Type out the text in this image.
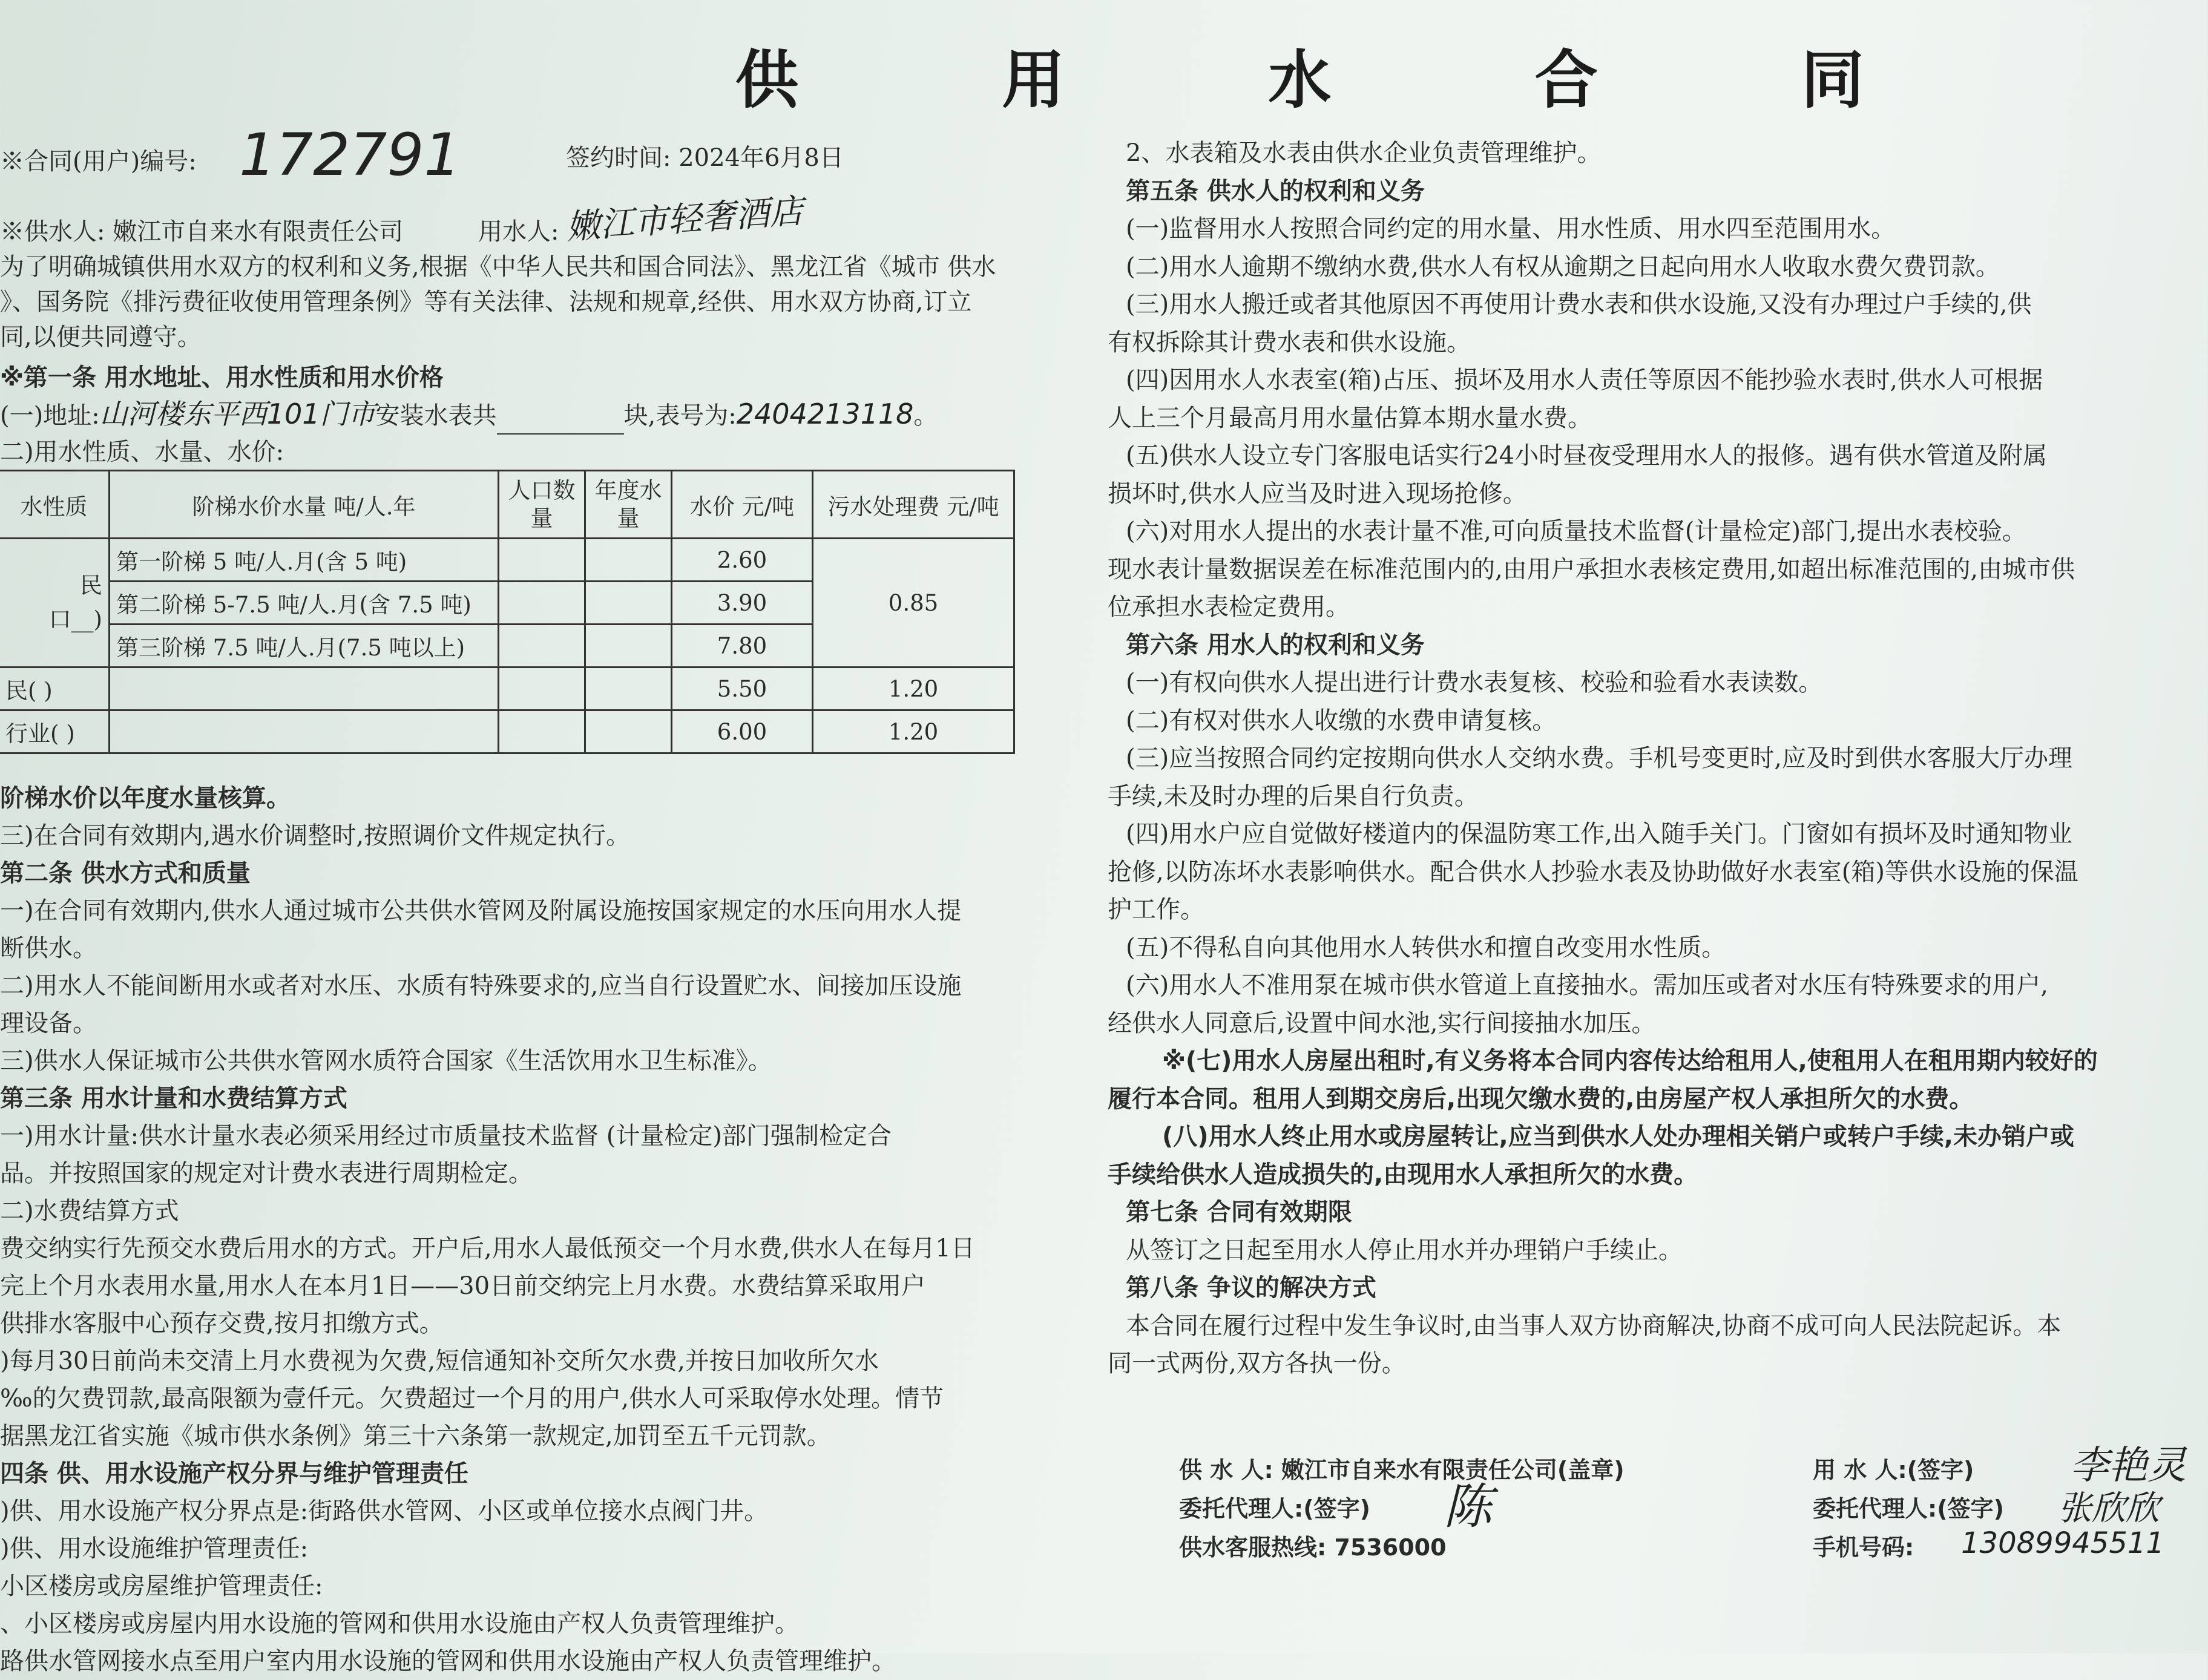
供 用 水 合 同
※合同(用户)编号: 172791	签约时间: 2024年6月8日
※供水人: 嫩江市自来水有限责任公司	用水人: 嫩江市轻奢酒店
为了明确城镇供用水双方的权利和义务,根据《中华人民共和国合同法》、黑龙江省《城市 供水
》、国务院《排污费征收使用管理条例》等有关法律、法规和规章,经供、用水双方协商,订立
同,以便共同遵守。
※第一条 用水地址、用水性质和用水价格
(一)地址:山河楼东平西101门市安装水表共	块,表号为:2404213118。
二)用水性质、水量、水价:
水性质	阶梯水价水量 吨/人.年	人口数量	年度水量	水价 元/吨	污水处理费 元/吨

民
口__)	第一阶梯 5 吨/人.月(含 5 吨)			2.60	0.85
	第二阶梯 5-7.5 吨/人.月(含 7.5 吨)			3.90	
	第三阶梯 7.5 吨/人.月(7.5 吨以上)			7.80	
民( )				5.50	1.20
行业( )				6.00	1.20
阶梯水价以年度水量核算。
三)在合同有效期内,遇水价调整时,按照调价文件规定执行。
第二条 供水方式和质量
一)在合同有效期内,供水人通过城市公共供水管网及附属设施按国家规定的水压向用水人提
断供水。
二)用水人不能间断用水或者对水压、水质有特殊要求的,应当自行设置贮水、间接加压设施
理设备。
三)供水人保证城市公共供水管网水质符合国家《生活饮用水卫生标准》。
第三条 用水计量和水费结算方式
一)用水计量:供水计量水表必须采用经过市质量技术监督 (计量检定)部门强制检定合
品。并按照国家的规定对计费水表进行周期检定。
二)水费结算方式
费交纳实行先预交水费后用水的方式。开户后,用水人最低预交一个月水费,供水人在每月1日
完上个月水表用水量,用水人在本月1日——30日前交纳完上月水费。水费结算采取用户
供排水客服中心预存交费,按月扣缴方式。
)每月30日前尚未交清上月水费视为欠费,短信通知补交所欠水费,并按日加收所欠水
‰的欠费罚款,最高限额为壹仟元。欠费超过一个月的用户,供水人可采取停水处理。情节
据黑龙江省实施《城市供水条例》第三十六条第一款规定,加罚至五千元罚款。
四条 供、用水设施产权分界与维护管理责任
)供、用水设施产权分界点是:街路供水管网、小区或单位接水点阀门井。
)供、用水设施维护管理责任:
小区楼房或房屋维护管理责任:
、小区楼房或房屋内用水设施的管网和供用水设施由产权人负责管理维护。
路供水管网接水点至用户室内用水设施的管网和供用水设施由产权人负责管理维护。
2、水表箱及水表由供水企业负责管理维护。
第五条 供水人的权利和义务
(一)监督用水人按照合同约定的用水量、用水性质、用水四至范围用水。
(二)用水人逾期不缴纳水费,供水人有权从逾期之日起向用水人收取水费欠费罚款。
(三)用水人搬迁或者其他原因不再使用计费水表和供水设施,又没有办理过户手续的,供
有权拆除其计费水表和供水设施。
(四)因用水人水表室(箱)占压、损坏及用水人责任等原因不能抄验水表时,供水人可根据
人上三个月最高月用水量估算本期水量水费。
(五)供水人设立专门客服电话实行24小时昼夜受理用水人的报修。遇有供水管道及附属
损坏时,供水人应当及时进入现场抢修。
(六)对用水人提出的水表计量不准,可向质量技术监督(计量检定)部门,提出水表校验。
现水表计量数据误差在标准范围内的,由用户承担水表核定费用,如超出标准范围的,由城市供
位承担水表检定费用。
第六条 用水人的权利和义务
(一)有权向供水人提出进行计费水表复核、校验和验看水表读数。
(二)有权对供水人收缴的水费申请复核。
(三)应当按照合同约定按期向供水人交纳水费。手机号变更时,应及时到供水客服大厅办理
手续,未及时办理的后果自行负责。
(四)用水户应自觉做好楼道内的保温防寒工作,出入随手关门。门窗如有损坏及时通知物业
抢修,以防冻坏水表影响供水。配合供水人抄验水表及协助做好水表室(箱)等供水设施的保温
护工作。
(五)不得私自向其他用水人转供水和擅自改变用水性质。
(六)用水人不准用泵在城市供水管道上直接抽水。需加压或者对水压有特殊要求的用户,
经供水人同意后,设置中间水池,实行间接抽水加压。
※(七)用水人房屋出租时,有义务将本合同内容传达给租用人,使租用人在租用期内较好的
履行本合同。租用人到期交房后,出现欠缴水费的,由房屋产权人承担所欠的水费。
(八)用水人终止用水或房屋转让,应当到供水人处办理相关销户或转户手续,未办销户或
手续给供水人造成损失的,由现用水人承担所欠的水费。
第七条 合同有效期限
从签订之日起至用水人停止用水并办理销户手续止。
第八条 争议的解决方式
本合同在履行过程中发生争议时,由当事人双方协商解决,协商不成可向人民法院起诉。本
同一式两份,双方各执一份。
供 水 人: 嫩江市自来水有限责任公司(盖章)
委托代理人:(签字) 陈
供水客服热线: 7536000
用 水 人:(签字) 李艳灵
委托代理人:(签字) 张欣欣
手机号码: 13089945511
